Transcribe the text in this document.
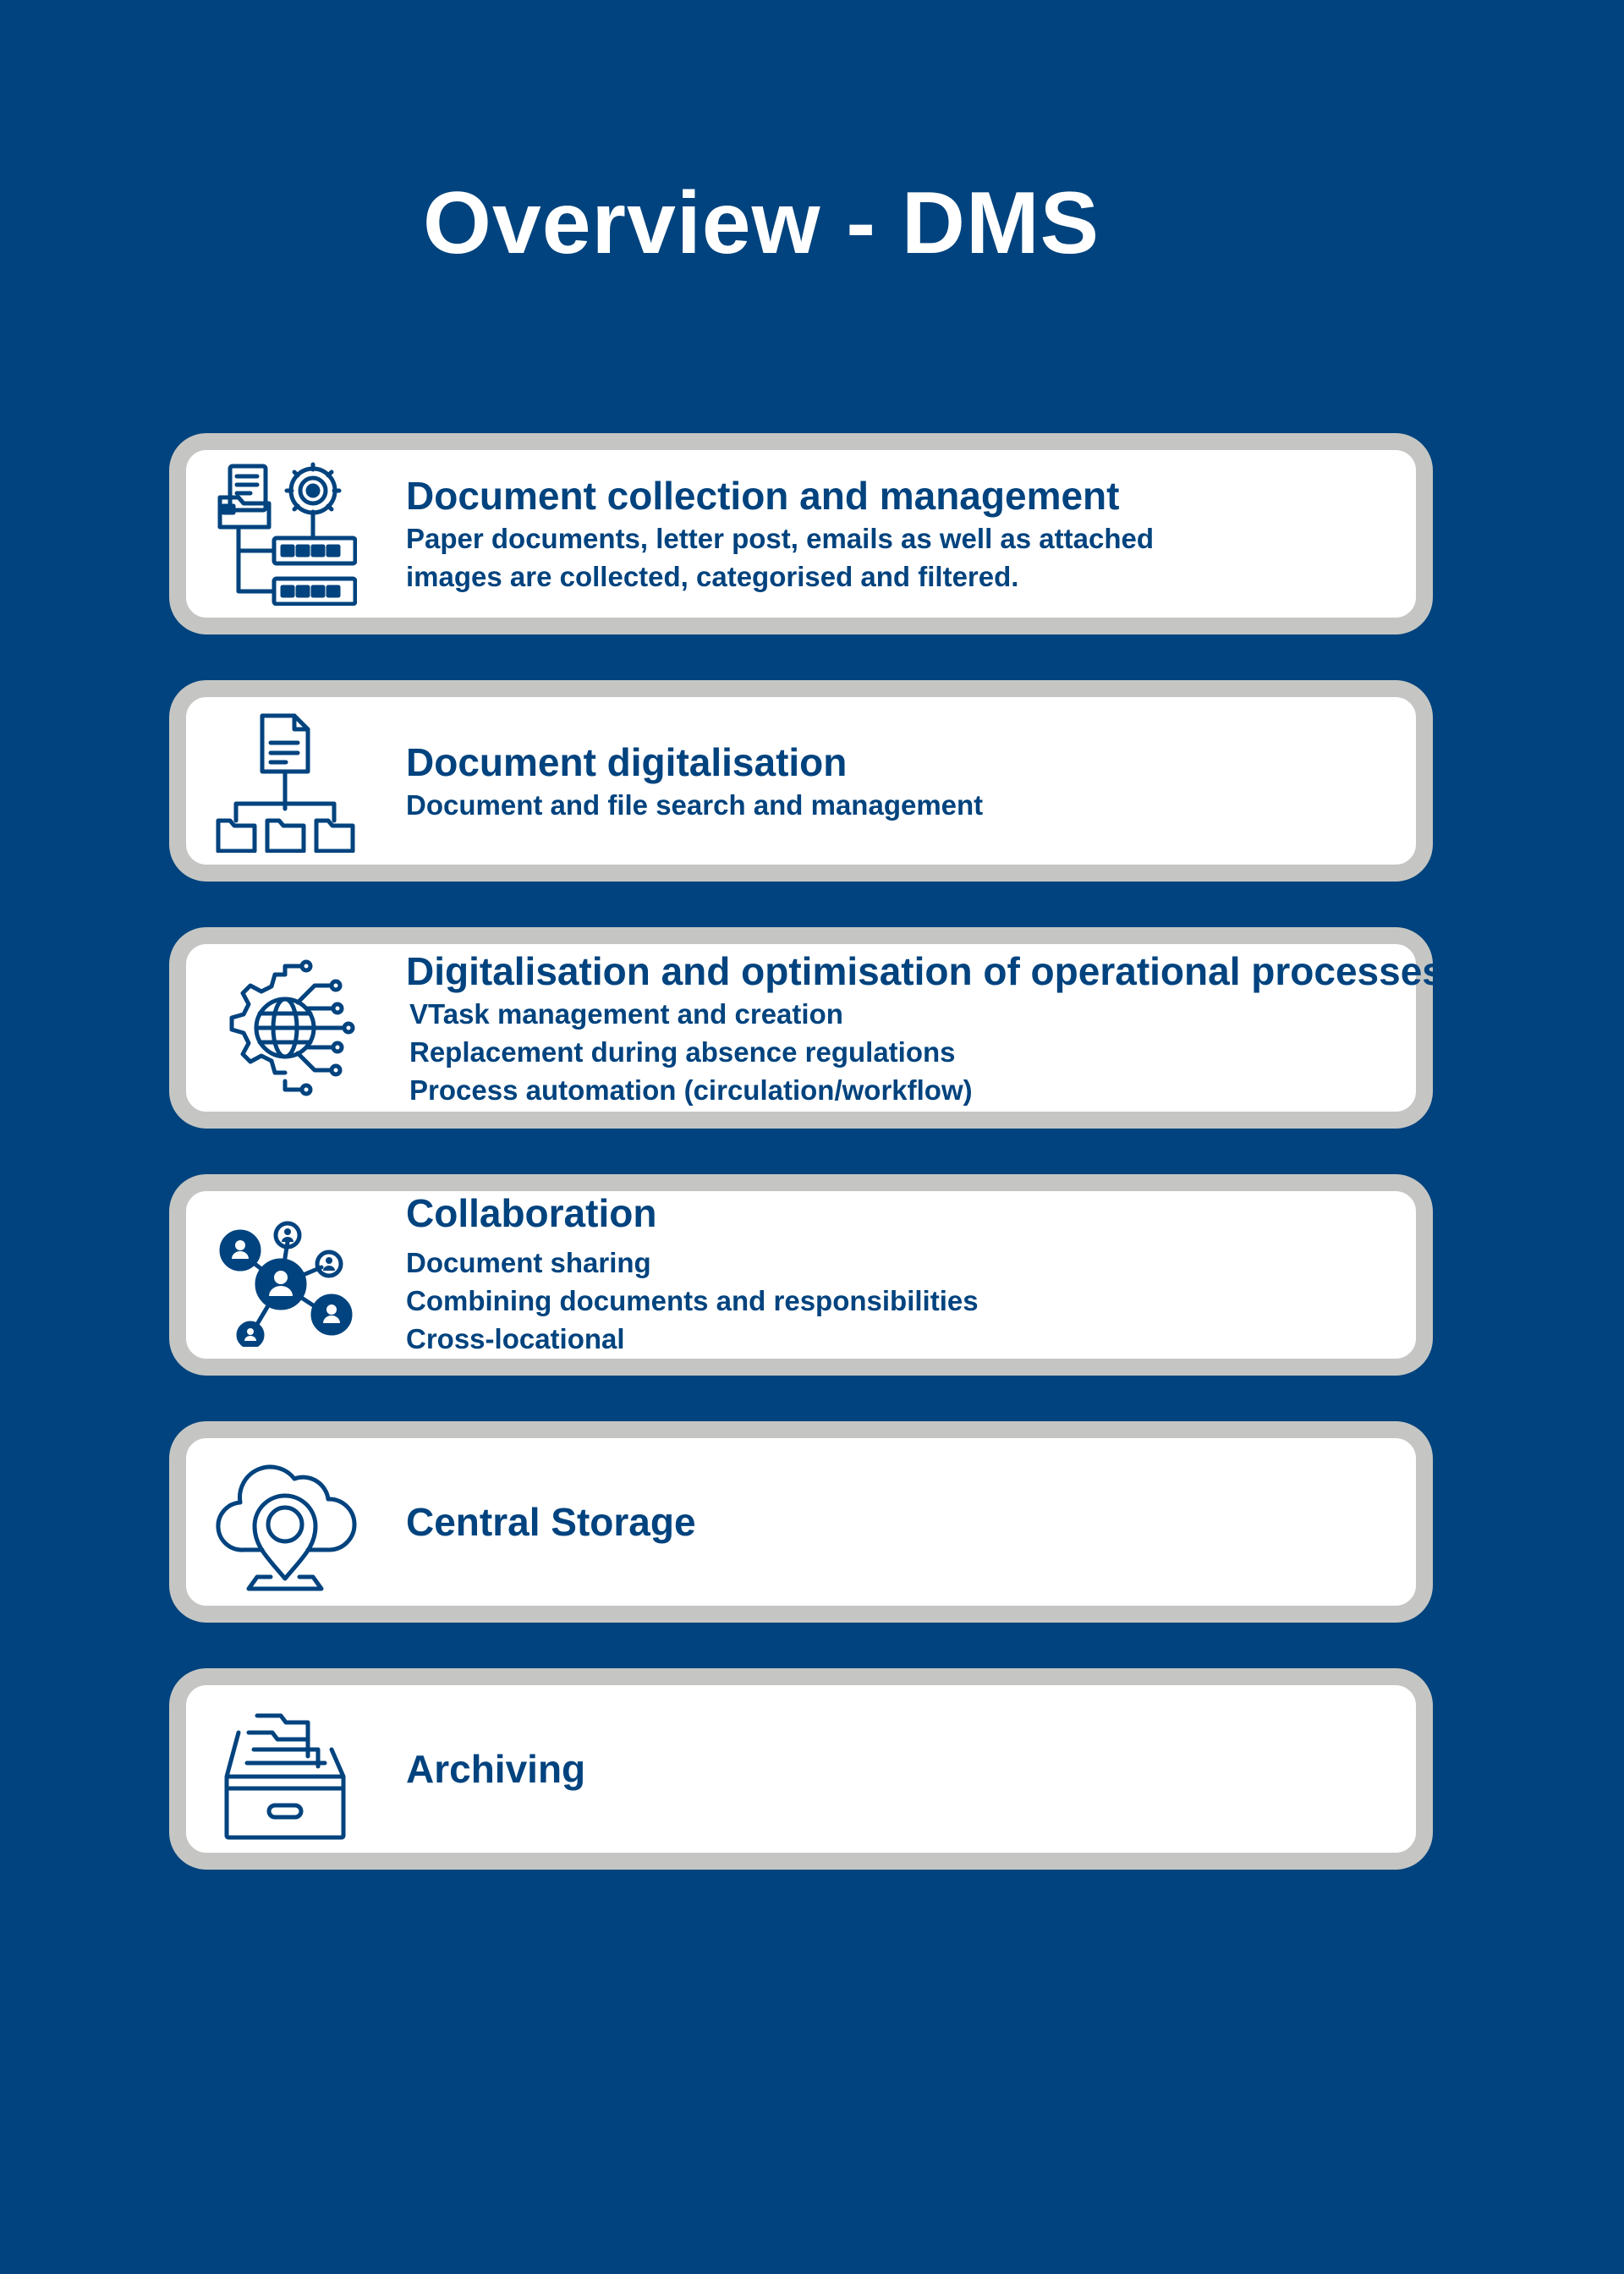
Overview - DMS
Document collection and management
Paper documents, letter post, emails as well as attached
images are collected, categorised and filtered.
Document digitalisation
Document and file search and management
Digitalisation and optimisation of operational processes
VTask management and creation
Replacement during absence regulations
Process automation (circulation/workflow)
Collaboration
Document sharing
Combining documents and responsibilities
Cross-locational
Central Storage
Archiving
